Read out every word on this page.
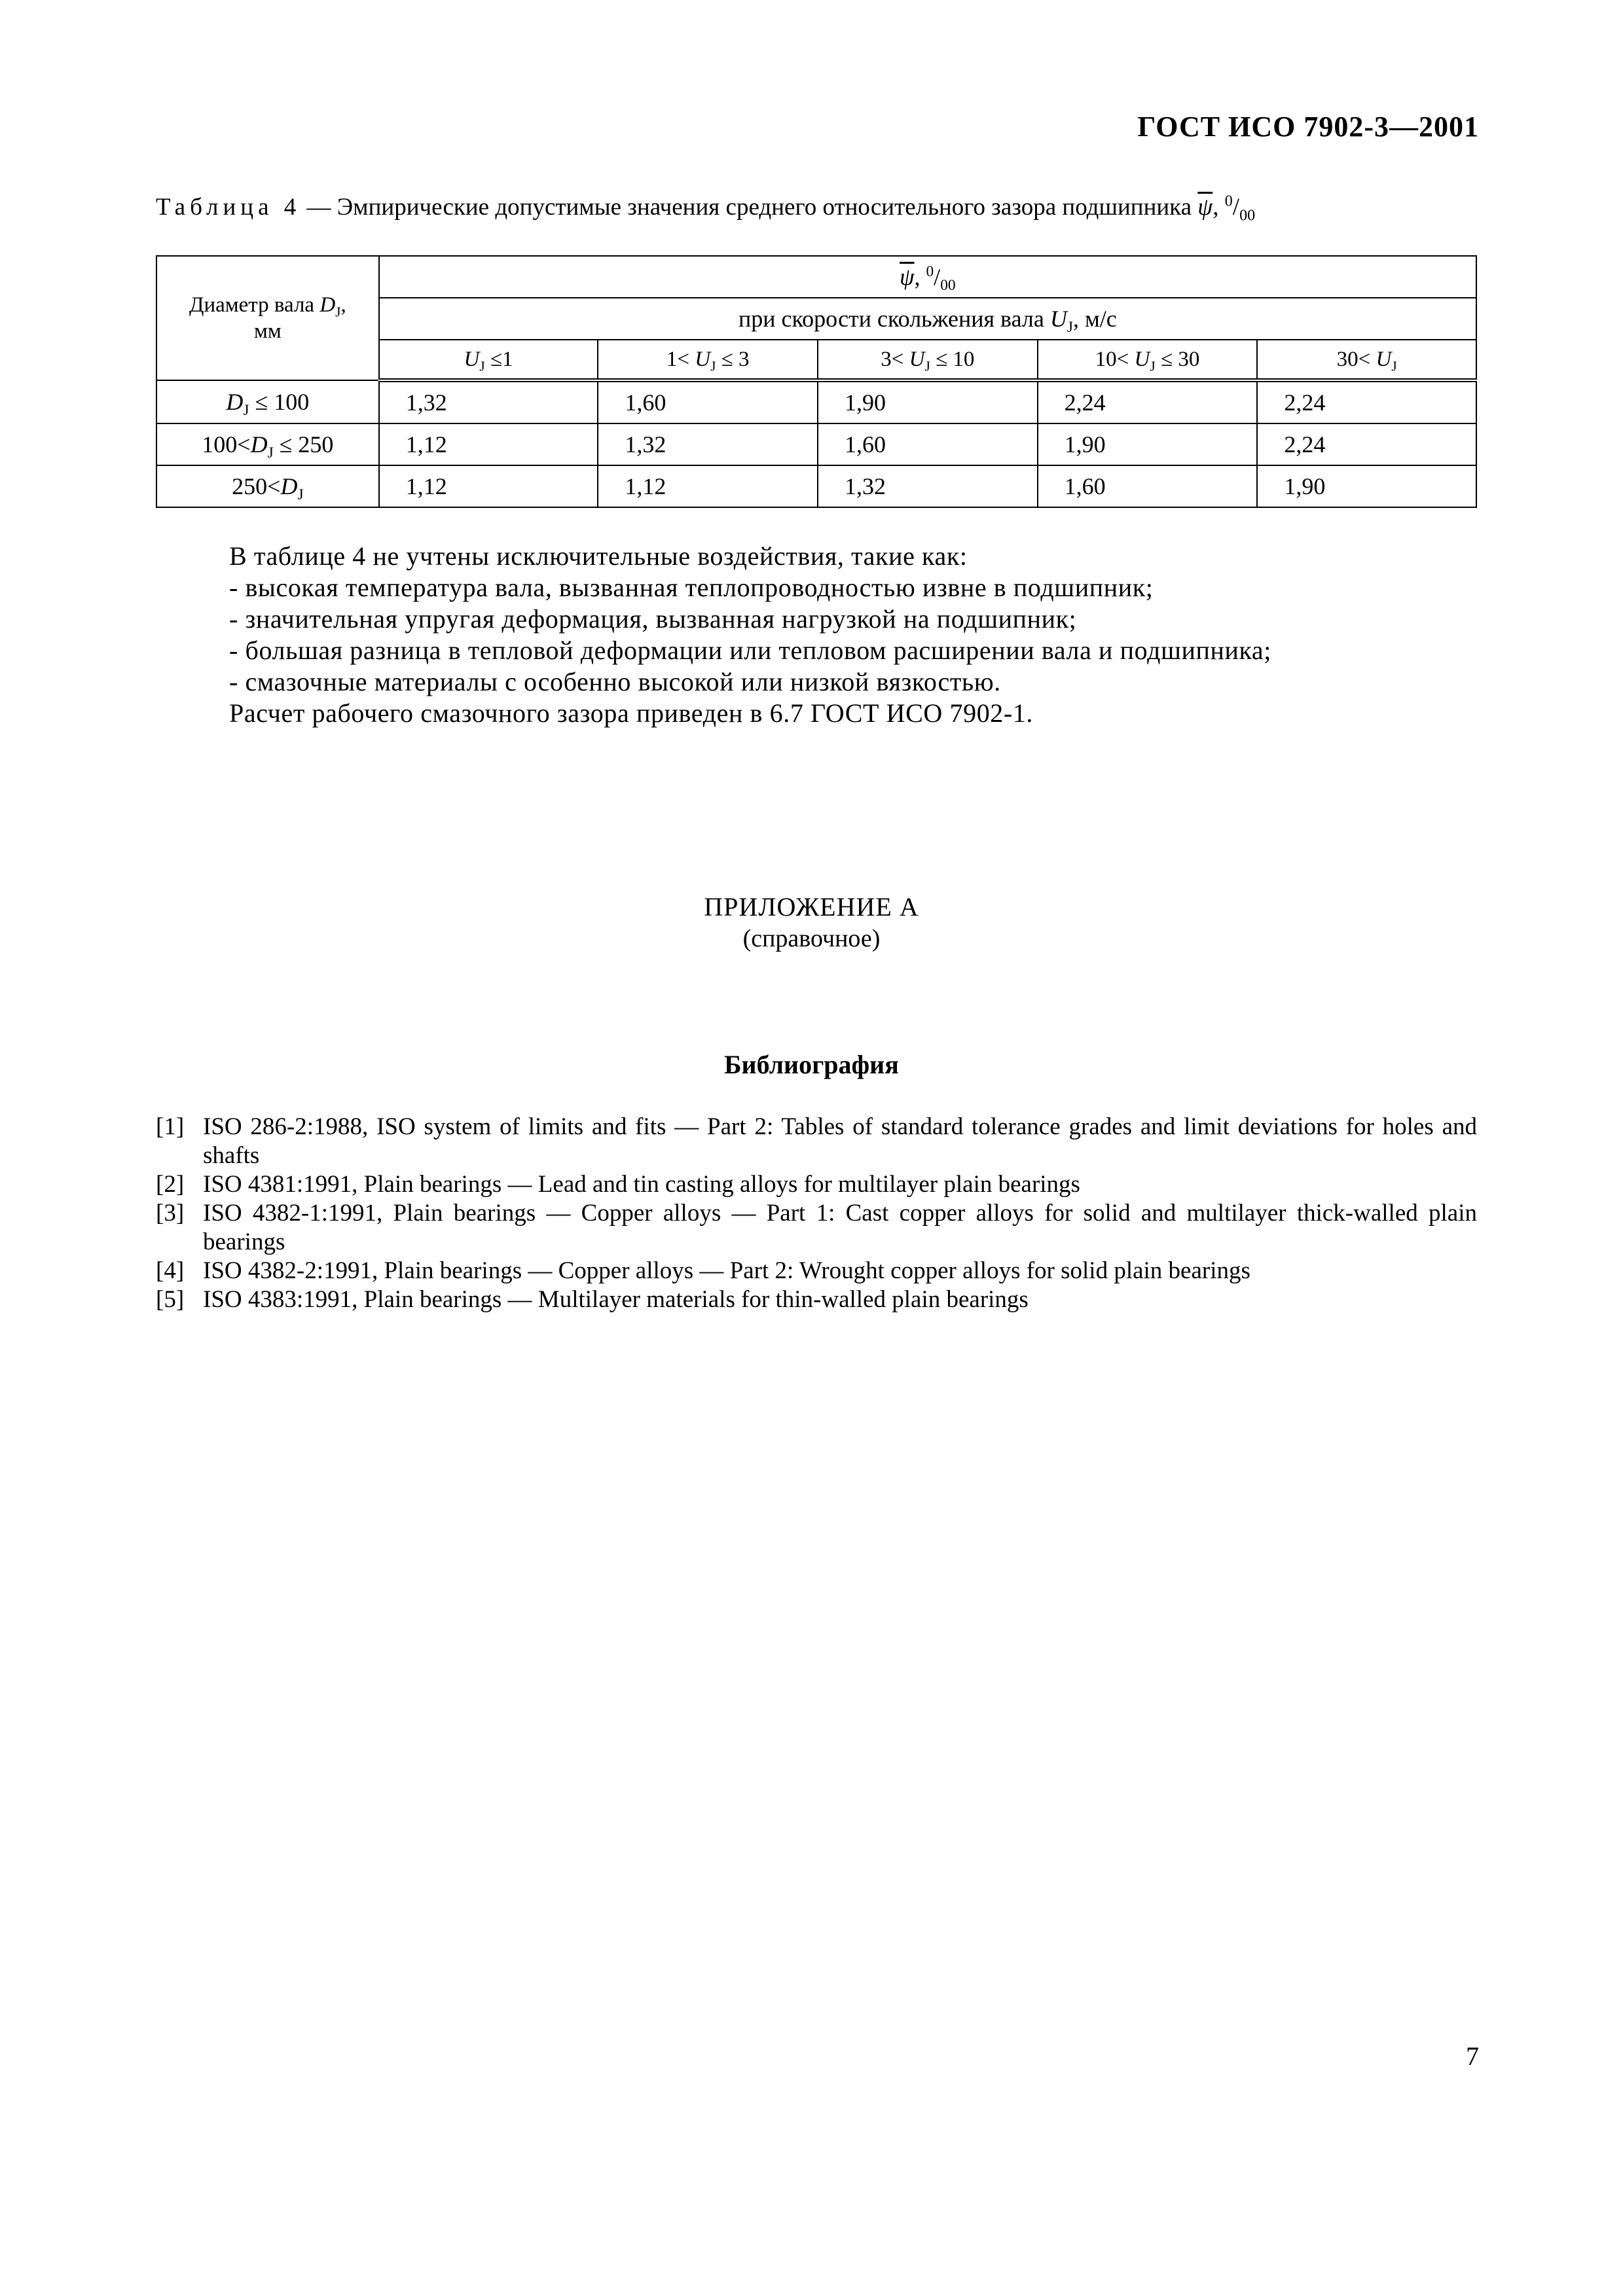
ГОСТ ИСО 7902-3—2001
Таблица 4 — Эмпирические допустимые значения среднего относительного зазора подшипника $\overline{\psi}$, $^0/_{00}$
Диаметр вала $D_J$,
мм	$\overline{\psi}$, $^0/_{00}$
	при скорости скольжения вала $U_J$, м/с				
	$U_J \le 1$	$1< U_J \le 3$	$3< U_J \le 10$	$10< U_J \le 30$	$30< U_J$
$D_J \le 100$	1,32	1,60	1,90	2,24	2,24
$100<D_J \le 250$	1,12	1,32	1,60	1,90	2,24
$250<D_J$	1,12	1,12	1,32	1,60	1,90
В таблице 4 не учтены исключительные воздействия, такие как:
- высокая температура вала, вызванная теплопроводностью извне в подшипник;
- значительная упругая деформация, вызванная нагрузкой на подшипник;
- большая разница в тепловой деформации или тепловом расширении вала и подшипника;
- смазочные материалы с особенно высокой или низкой вязкостью.
Расчет рабочего смазочного зазора приведен в 6.7 ГОСТ ИСО 7902-1.
ПРИЛОЖЕНИЕ А
(справочное)
Библиография
[1] ISO 286-2:1988, ISO system of limits and fits — Part 2: Tables of standard tolerance grades and limit deviations for holes and shafts
[2] ISO 4381:1991, Plain bearings — Lead and tin casting alloys for multilayer plain bearings
[3] ISO 4382-1:1991, Plain bearings — Copper alloys — Part 1: Cast copper alloys for solid and multilayer thick-walled plain bearings
[4] ISO 4382-2:1991, Plain bearings — Copper alloys — Part 2: Wrought copper alloys for solid plain bearings
[5] ISO 4383:1991, Plain bearings — Multilayer materials for thin-walled plain bearings
7
